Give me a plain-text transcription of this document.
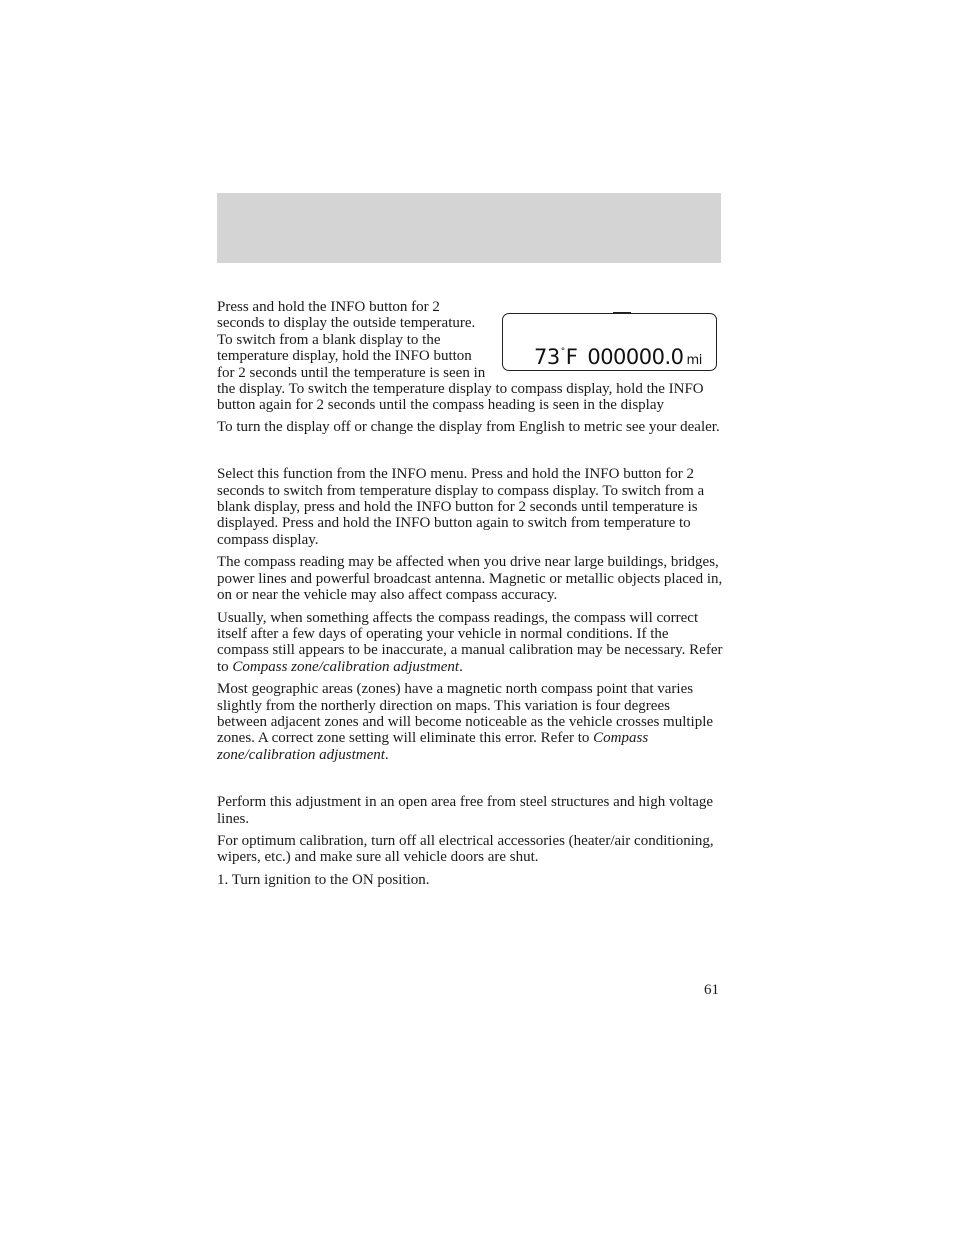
73°F 000000.0 mi

Press and hold the INFO button for 2 seconds to display the outside temperature. To switch from a blank display to the temperature display, hold the INFO button for 2 seconds until the temperature is seen in the display. To switch the temperature display to compass display, hold the INFO button again for 2 seconds until the compass heading is seen in the display

To turn the display off or change the display from English to metric see your dealer.

Select this function from the INFO menu. Press and hold the INFO button for 2 seconds to switch from temperature display to compass display. To switch from a blank display, press and hold the INFO button for 2 seconds until temperature is displayed. Press and hold the INFO button again to switch from temperature to compass display.

The compass reading may be affected when you drive near large buildings, bridges, power lines and powerful broadcast antenna. Magnetic or metallic objects placed in, on or near the vehicle may also affect compass accuracy.

Usually, when something affects the compass readings, the compass will correct itself after a few days of operating your vehicle in normal conditions. If the compass still appears to be inaccurate, a manual calibration may be necessary. Refer to Compass zone/calibration adjustment.

Most geographic areas (zones) have a magnetic north compass point that varies slightly from the northerly direction on maps. This variation is four degrees between adjacent zones and will become noticeable as the vehicle crosses multiple zones. A correct zone setting will eliminate this error. Refer to Compass zone/calibration adjustment.

Perform this adjustment in an open area free from steel structures and high voltage lines.

For optimum calibration, turn off all electrical accessories (heater/air conditioning, wipers, etc.) and make sure all vehicle doors are shut.

1. Turn ignition to the ON position.

61
